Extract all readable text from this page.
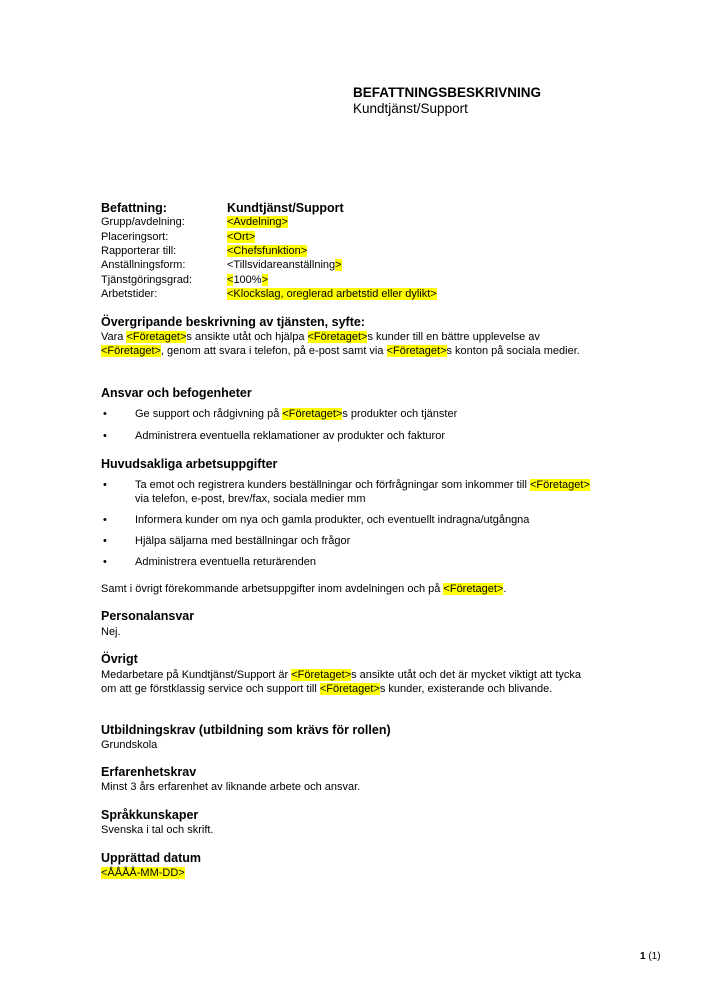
BEFATTNINGSBESKRIVNING
Kundtjänst/Support
Befattning:	Kundtjänst/Support
Grupp/avdelning:	<Avdelning>
Placeringsort:	<Ort>
Rapporterar till:	<Chefsfunktion>
Anställningsform:	<Tillsvidareanställning>
Tjänstgöringsgrad:	<100%>
Arbetstider:	<Klockslag, oreglerad arbetstid eller dylikt>
Övergripande beskrivning av tjänsten, syfte:
Vara <Företaget>s ansikte utåt och hjälpa <Företaget>s kunder till en bättre upplevelse av <Företaget>, genom att svara i telefon, på e-post samt via <Företaget>s konton på sociala medier.
Ansvar och befogenheter
•	Ge support och rådgivning på <Företaget>s produkter och tjänster
•	Administrera eventuella reklamationer av produkter och fakturor
Huvudsakliga arbetsuppgifter
•	Ta emot och registrera kunders beställningar och förfrågningar som inkommer till <Företaget> via telefon, e-post, brev/fax, sociala medier mm
•	Informera kunder om nya och gamla produkter, och eventuellt indragna/utgångna
•	Hjälpa säljarna med beställningar och frågor
•	Administrera eventuella returärenden
Samt i övrigt förekommande arbetsuppgifter inom avdelningen och på <Företaget>.
Personalansvar
Nej.
Övrigt
Medarbetare på Kundtjänst/Support är <Företaget>s ansikte utåt och det är mycket viktigt att tycka om att ge förstklassig service och support till <Företaget>s kunder, existerande och blivande.
Utbildningskrav (utbildning som krävs för rollen)
Grundskola
Erfarenhetskrav
Minst 3 års erfarenhet av liknande arbete och ansvar.
Språkkunskaper
Svenska i tal och skrift.
Upprättad datum
<ÅÅÅÅ-MM-DD>
1 (1)
